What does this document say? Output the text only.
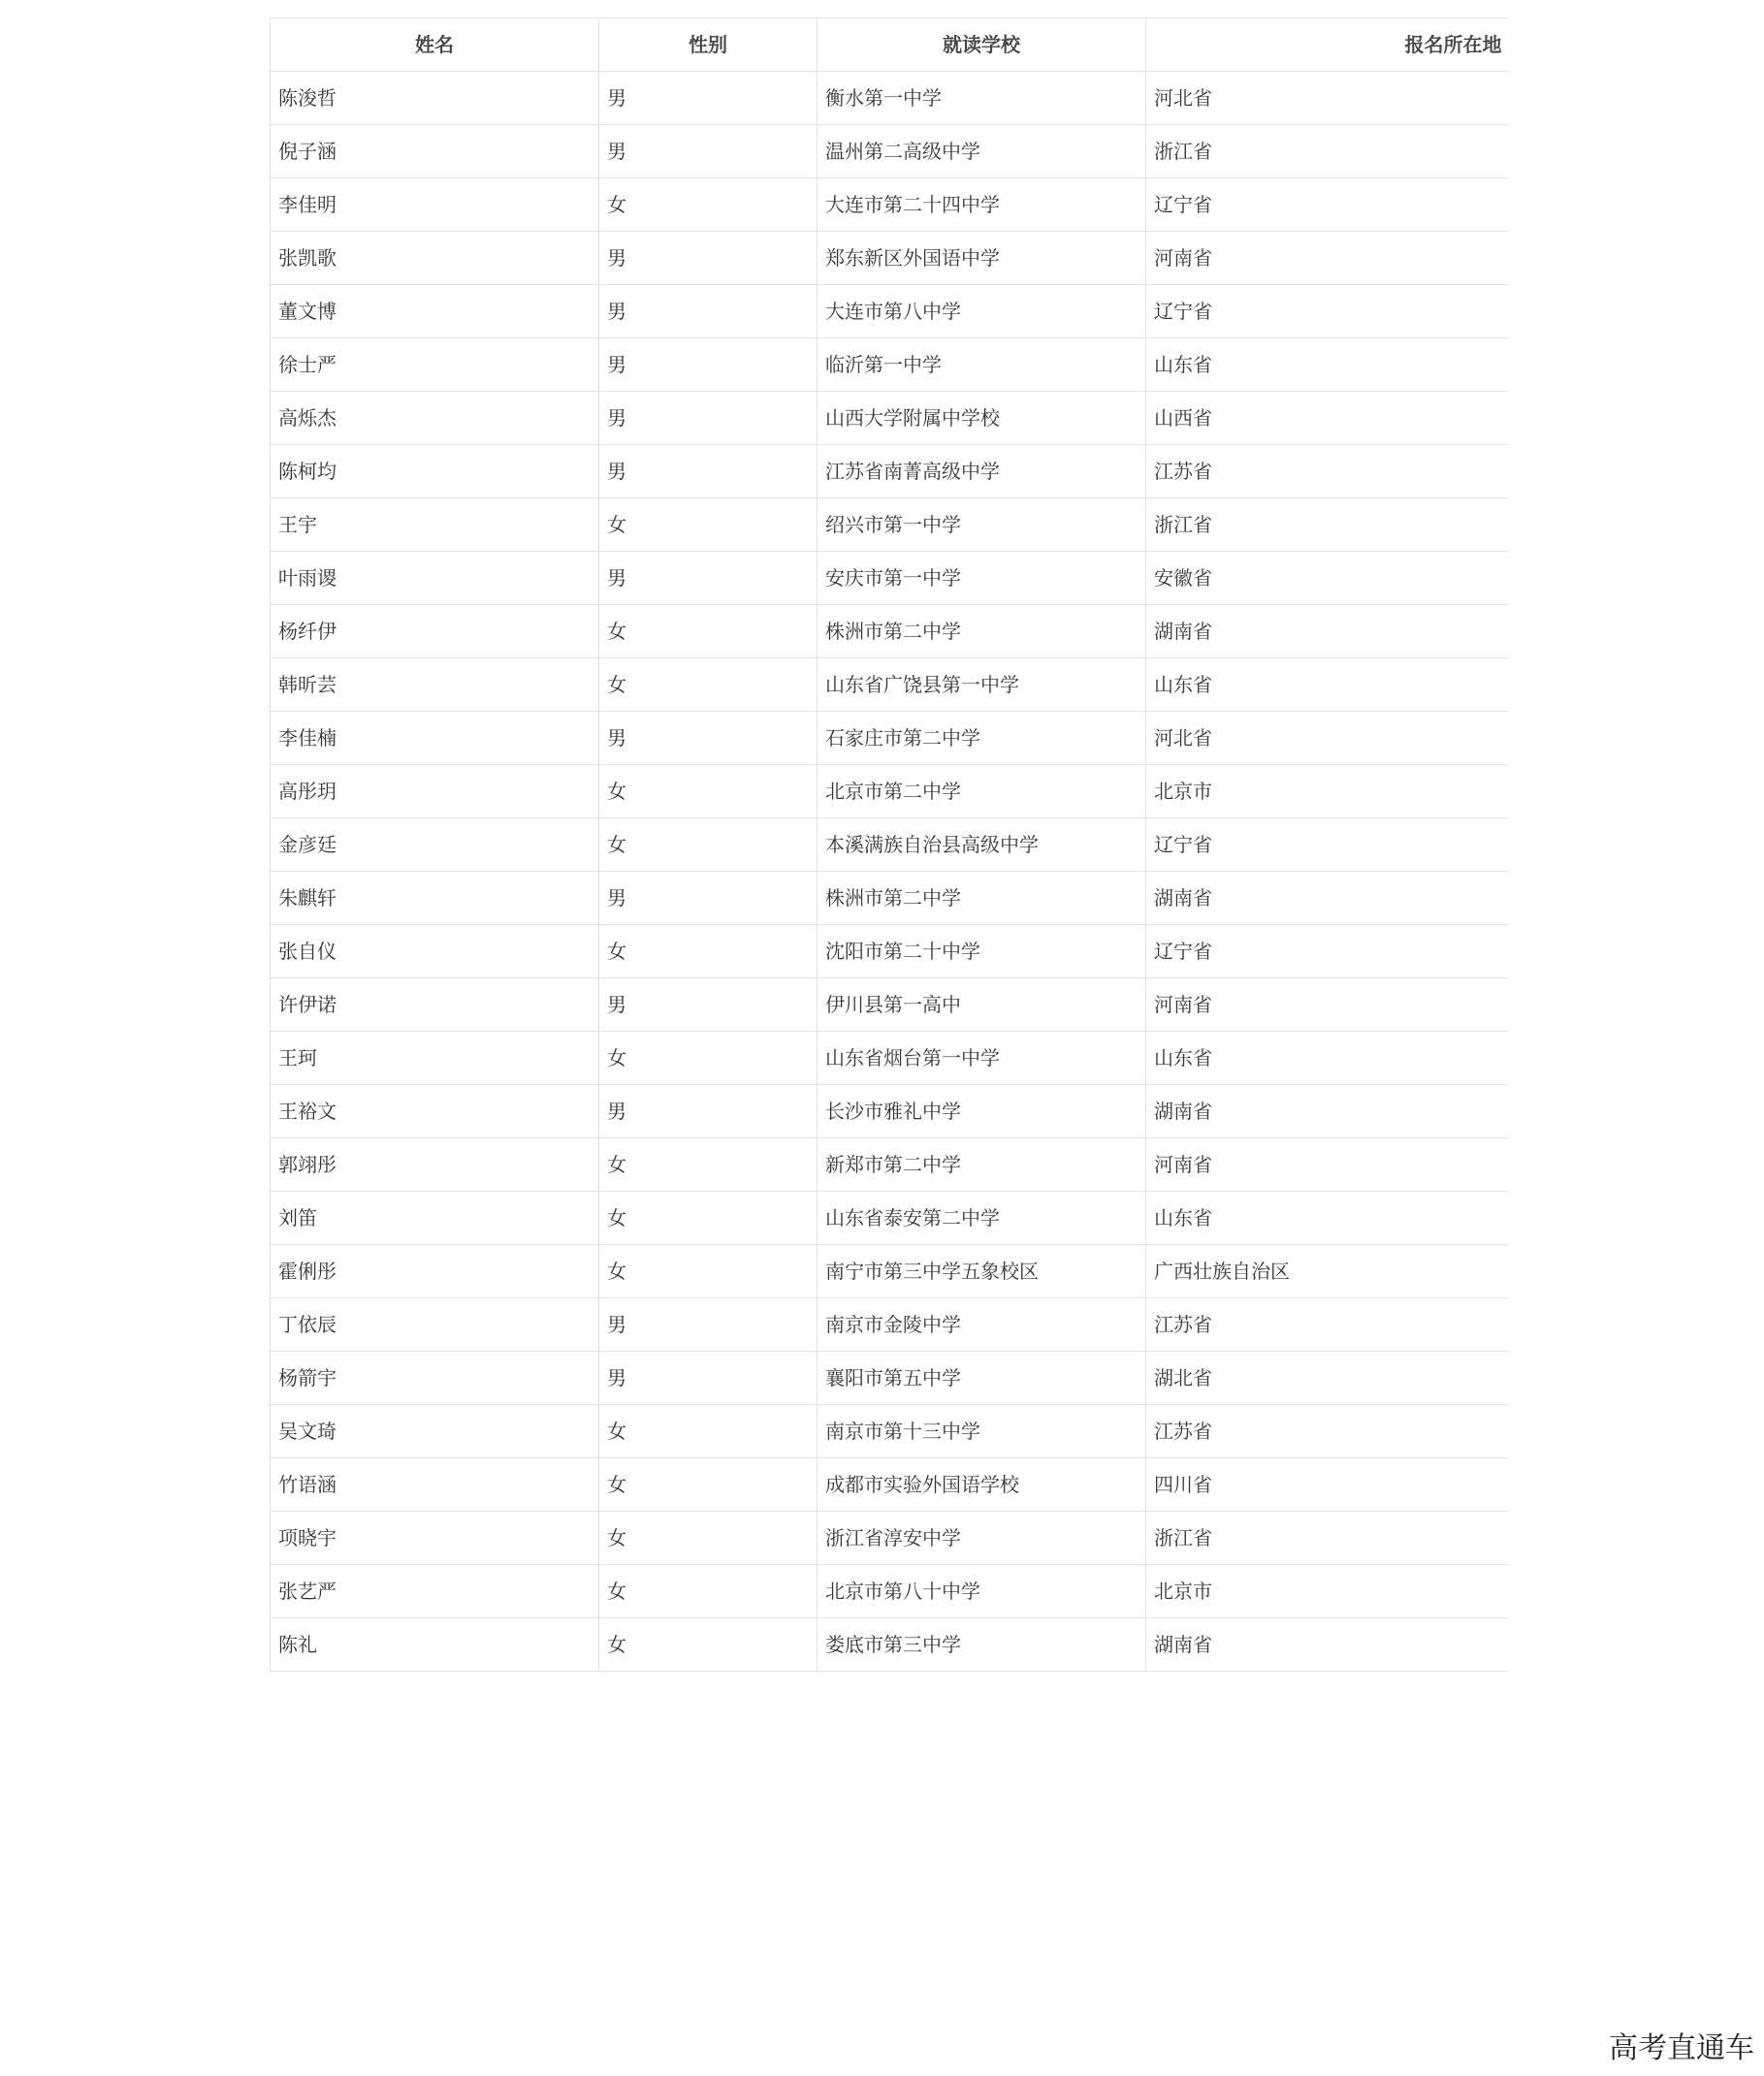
姓名	性别	就读学校	报名所在地
陈浚哲	男	衡水第一中学	河北省
倪子涵	男	温州第二高级中学	浙江省
李佳明	女	大连市第二十四中学	辽宁省
张凯歌	男	郑东新区外国语中学	河南省
董文博	男	大连市第八中学	辽宁省
徐士严	男	临沂第一中学	山东省
高烁杰	男	山西大学附属中学校	山西省
陈柯均	男	江苏省南菁高级中学	江苏省
王宇	女	绍兴市第一中学	浙江省
叶雨谡	男	安庆市第一中学	安徽省
杨纤伊	女	株洲市第二中学	湖南省
韩昕芸	女	山东省广饶县第一中学	山东省
李佳楠	男	石家庄市第二中学	河北省
高彤玥	女	北京市第二中学	北京市
金彦廷	女	本溪满族自治县高级中学	辽宁省
朱麒轩	男	株洲市第二中学	湖南省
张自仪	女	沈阳市第二十中学	辽宁省
许伊诺	男	伊川县第一高中	河南省
王珂	女	山东省烟台第一中学	山东省
王裕文	男	长沙市雅礼中学	湖南省
郭翊彤	女	新郑市第二中学	河南省
刘笛	女	山东省泰安第二中学	山东省
霍俐彤	女	南宁市第三中学五象校区	广西壮族自治区
丁依辰	男	南京市金陵中学	江苏省
杨箭宇	男	襄阳市第五中学	湖北省
吴文琦	女	南京市第十三中学	江苏省
竹语涵	女	成都市实验外国语学校	四川省
项晓宇	女	浙江省淳安中学	浙江省
张艺严	女	北京市第八十中学	北京市
陈礼	女	娄底市第三中学	湖南省
高考直通车
